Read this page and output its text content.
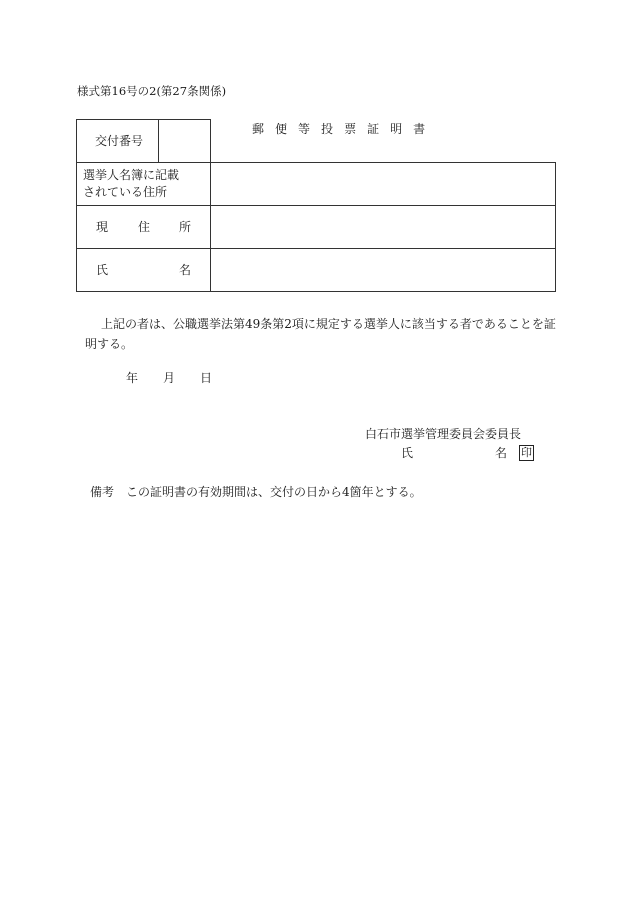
様式第16号の2(第27条関係)
郵 便 等 投 票 証 明 書
交付番号
選挙人名簿に記載
されている住所
現 住 所
氏	名
上記の者は、公職選挙法第49条第2項に規定する選挙人に該当する者であることを証明する。
年 月 日
白石市選挙管理委員会委員長
氏	名 印
備考 この証明書の有効期間は、交付の日から4箇年とする。
